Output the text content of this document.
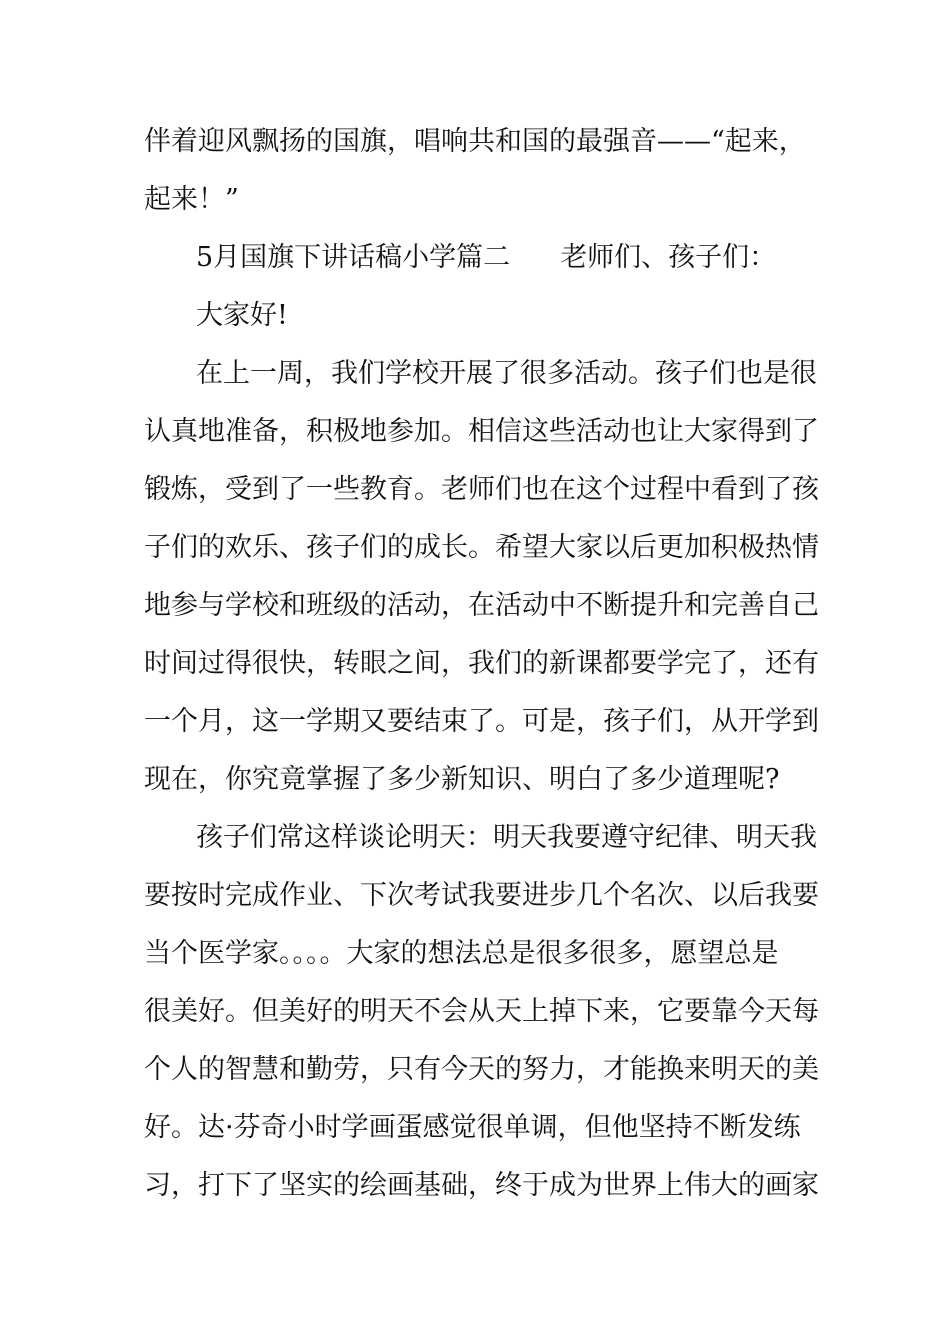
伴着迎风飘扬的国旗，唱响共和国的最强音——“起来，
起来！”
5月国旗下讲话稿小学篇二 老师们、孩子们：
大家好!
在上一周，我们学校开展了很多活动。孩子们也是很
认真地准备，积极地参加。相信这些活动也让大家得到了
锻炼，受到了一些教育。老师们也在这个过程中看到了孩
子们的欢乐、孩子们的成长。希望大家以后更加积极热情
地参与学校和班级的活动，在活动中不断提升和完善自己
时间过得很快，转眼之间，我们的新课都要学完了，还有
一个月，这一学期又要结束了。可是，孩子们，从开学到
现在，你究竟掌握了多少新知识、明白了多少道理呢?
孩子们常这样谈论明天：明天我要遵守纪律、明天我
要按时完成作业、下次考试我要进步几个名次、以后我要
当个医学家。。。。大家的想法总是很多很多，愿望总是
很美好。但美好的明天不会从天上掉下来，它要靠今天每
个人的智慧和勤劳，只有今天的努力，才能换来明天的美
好。达·芬奇小时学画蛋感觉很单调，但他坚持不断发练
习，打下了坚实的绘画基础，终于成为世界上伟大的画家
